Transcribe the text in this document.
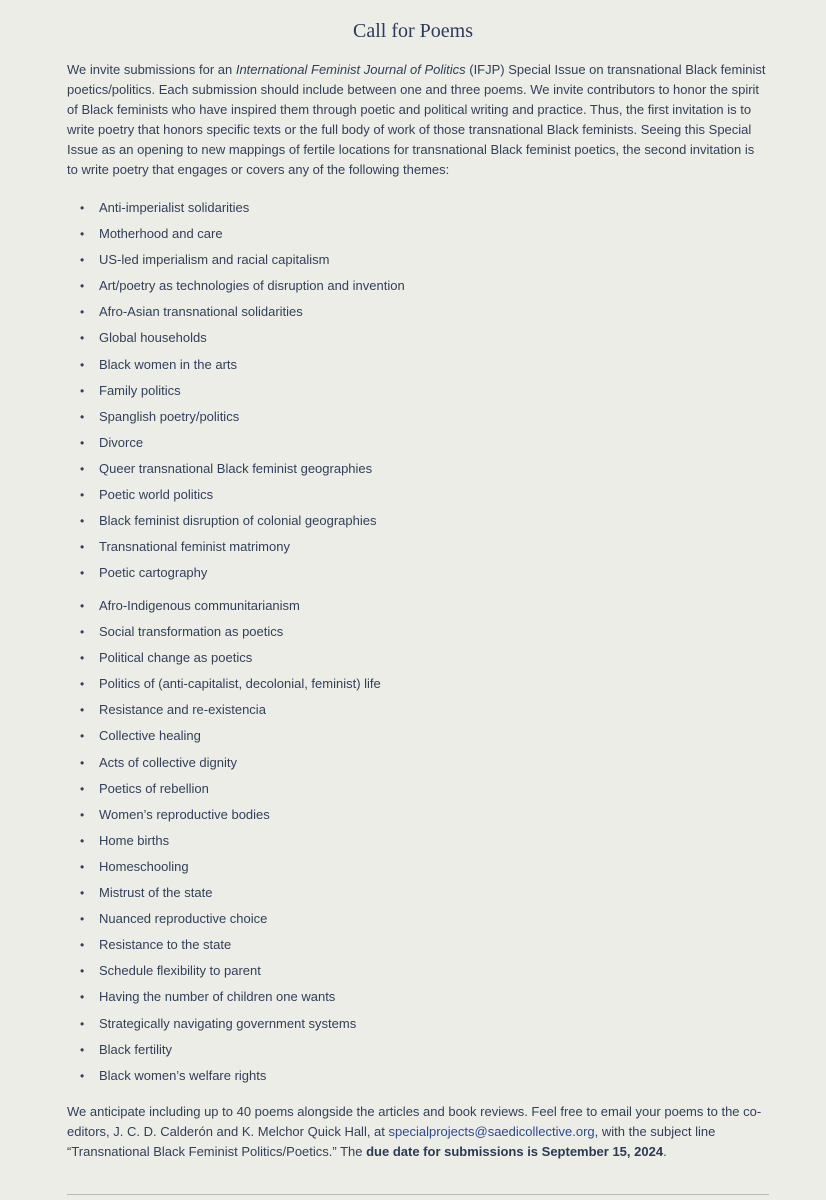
Call for Poems

We invite submissions for an International Feminist Journal of Politics (IFJP) Special Issue on transnational Black feminist poetics/politics. Each submission should include between one and three poems. We invite contributors to honor the spirit of Black feminists who have inspired them through poetic and political writing and practice. Thus, the first invitation is to write poetry that honors specific texts or the full body of work of those transnational Black feminists. Seeing this Special Issue as an opening to new mappings of fertile locations for transnational Black feminist poetics, the second invitation is to write poetry that engages or covers any of the following themes:

• Anti-imperialist solidarities
• Motherhood and care
• US-led imperialism and racial capitalism
• Art/poetry as technologies of disruption and invention
• Afro-Asian transnational solidarities
• Global households
• Black women in the arts
• Family politics
• Spanglish poetry/politics
• Divorce
• Queer transnational Black feminist geographies
• Poetic world politics
• Black feminist disruption of colonial geographies
• Transnational feminist matrimony
• Poetic cartography
• Afro-Indigenous communitarianism
• Social transformation as poetics
• Political change as poetics
• Politics of (anti-capitalist, decolonial, feminist) life
• Resistance and re-existencia
• Collective healing
• Acts of collective dignity
• Poetics of rebellion
• Women’s reproductive bodies
• Home births
• Homeschooling
• Mistrust of the state
• Nuanced reproductive choice
• Resistance to the state
• Schedule flexibility to parent
• Having the number of children one wants
• Strategically navigating government systems
• Black fertility
• Black women’s welfare rights

We anticipate including up to 40 poems alongside the articles and book reviews. Feel free to email your poems to the co-editors, J. C. D. Calderón and K. Melchor Quick Hall, at specialprojects@saedicollective.org, with the subject line “Transnational Black Feminist Politics/Poetics.” The due date for submissions is September 15, 2024.
